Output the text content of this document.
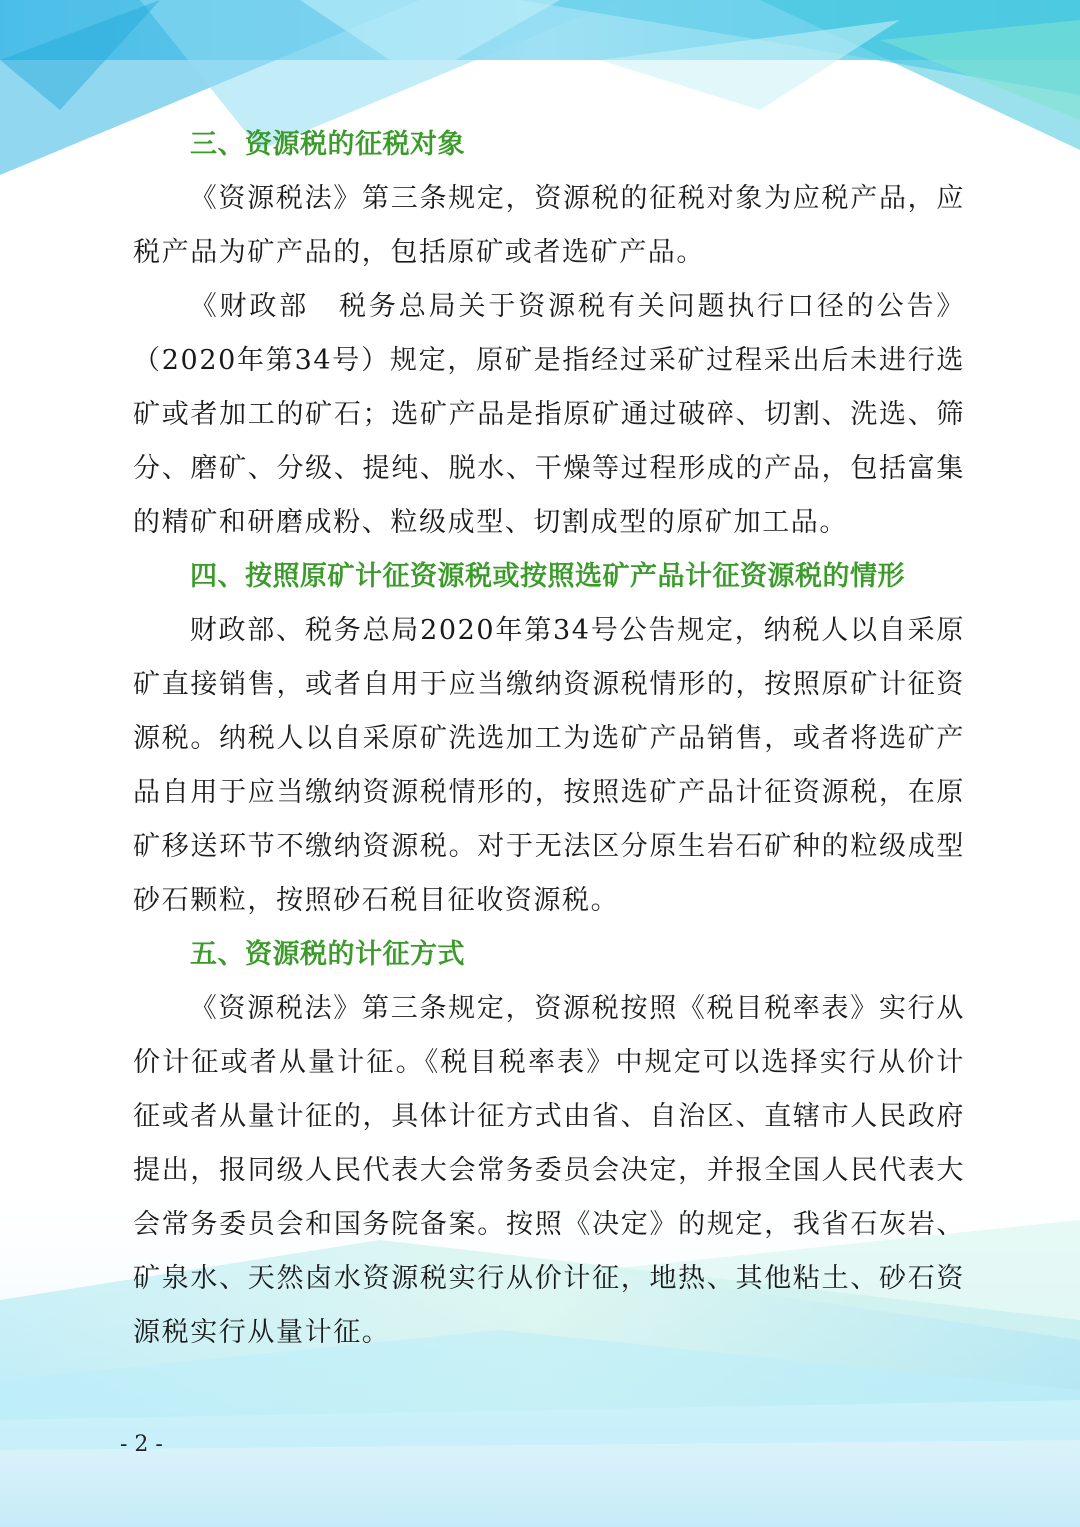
三、资源税的征税对象

《资源税法》第三条规定，资源税的征税对象为应税产品，应税产品为矿产品的，包括原矿或者选矿产品。

《财政部　税务总局关于资源税有关问题执行口径的公告》（2020年第34号）规定，原矿是指经过采矿过程采出后未进行选矿或者加工的矿石；选矿产品是指原矿通过破碎、切割、洗选、筛分、磨矿、分级、提纯、脱水、干燥等过程形成的产品，包括富集的精矿和研磨成粉、粒级成型、切割成型的原矿加工品。

四、按照原矿计征资源税或按照选矿产品计征资源税的情形

财政部、税务总局2020年第34号公告规定，纳税人以自采原矿直接销售，或者自用于应当缴纳资源税情形的，按照原矿计征资源税。纳税人以自采原矿洗选加工为选矿产品销售，或者将选矿产品自用于应当缴纳资源税情形的，按照选矿产品计征资源税，在原矿移送环节不缴纳资源税。对于无法区分原生岩石矿种的粒级成型砂石颗粒，按照砂石税目征收资源税。

五、资源税的计征方式

《资源税法》第三条规定，资源税按照《税目税率表》实行从价计征或者从量计征。《税目税率表》中规定可以选择实行从价计征或者从量计征的，具体计征方式由省、自治区、直辖市人民政府提出，报同级人民代表大会常务委员会决定，并报全国人民代表大会常务委员会和国务院备案。按照《决定》的规定，我省石灰岩、矿泉水、天然卤水资源税实行从价计征，地热、其他粘土、砂石资源税实行从量计征。

- 2 -
